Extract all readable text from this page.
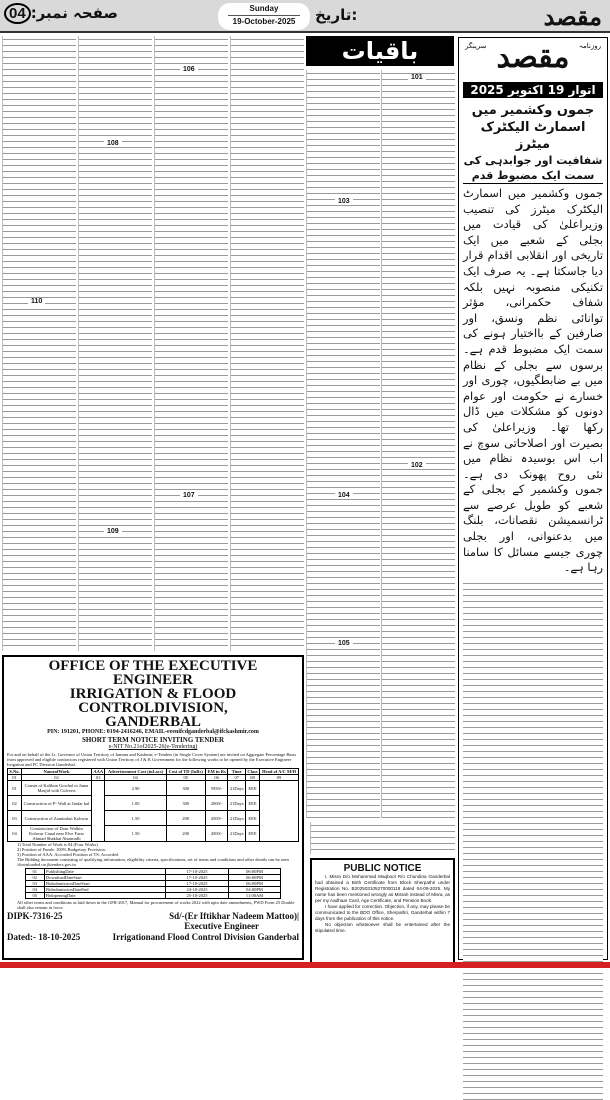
مقصد
تاریخ:
Sunday
19-October-2025
صفحہ نمبر:04
روزنامہ
سرینگر مقصد
اتوار 19 اکتوبر 2025
جموں وکشمیر میں اسمارٹ الیکٹرک میٹرز
شفافیت اور جوابدہی کی سمت ایک مضبوط قدم

جموں وکشمیر میں اسمارٹ الیکٹرک میٹرز کی تنصیب وزیراعلیٰ کی قیادت میں بجلی کے شعبے میں ایک تاریخی اور انقلابی اقدام قرار دیا جاسکتا ہے۔ یہ صرف ایک تکنیکی منصوبہ نہیں بلکہ شفاف حکمرانی، مؤثر توانائی نظم ونسق، اور صارفین کے بااختیار ہونے کی سمت ایک مضبوط قدم ہے۔ برسوں سے بجلی کے نظام میں بے ضابطگیوں، چوری اور خسارے نے حکومت اور عوام دونوں کو مشکلات میں ڈال رکھا تھا۔ وزیراعلیٰ کی بصیرت اور اصلاحاتی سوچ نے اب اس بوسیدہ نظام میں نئی روح پھونک دی ہے۔ جموں وکشمیر کے بجلی کے شعبے کو طویل عرصے سے ٹرانسمیشن نقصانات، بلنگ میں بدعنوانی، اور بجلی چوری جیسے مسائل کا سامنا رہا ہے۔

باقیات
101
102
103
104
105
106
107
108
109
110
OFFICE OF THE EXECUTIVE ENGINEER
IRRIGATION & FLOOD CONTROLDIVISION,
GANDERBAL
PIN: 191201, PHONE: 0194-2416246, EMAIL-eeenifcdganderbal@ifckashmir.com
SHORT TERM NOTICE INVITING TENDER
e-NIT No.21of2025-26(e-Tendering)
For and on behalf of the Lt. Governor of Union Territory of Jammu and Kashmir, e-Tenders (in Single Cover System) are invited on Aggregate Percentage Basis from approved and eligible contractors registered with Union Territory of J & K Government for the following works to be opened by the Executive Engineer Irrigation and FC Division Ganderbal.
S.No.	NameofWork	AAA	Advertisement Cost (inLacs)	Cost of TD (InRs)	EM in Rs	Time	Class	Head of A/C M/H
01	02	03	04	05	06	07	08	09
01	Constn of Kalibun Gowhal to Jama Masjid with Culverts		2.90	300	5950/-	21Days	EEE	
02	Construction of P- Wall at Jindar kal		1.00	300	2000/-	21Days	EEE	
03	Construction of Zamindari Kohwar		1.50	200	4500/-	21Days	EEE	
04	Construction of Dour Walkin Kohwar Canal near Elve Farar Ahmad Shakhat Aharmulli		1.50	200	4500/-	21Days	EEE	
1) Total Number of Work is 04 (Four Works)
2) Position of Funds: 100% Budgetary Provision.
3) Position of AAA: Accorded Position of TS: Accorded
The Bidding document consisting of qualifying information, eligibility criteria, specifications, set of terms and conditions and other details can be seen /downloaded on jktenders.gov.in
01	PublishingDate	17-10-2025	06:00PM
02	DownloadDateStart	17-10-2025	06:00PM
03	BidsubmissionDateStart	17-10-2025	06:00PM
04	BidsubmissionDateEnd	24-10-2025	04:00PM
05	BidopeningDate	25-10-2025	11:00AM
All other terms and conditions as laid down in the GFR-2017, Manual for procurement of works 2022 with upto date amendments, PWD Form 25 Double shall also remain in force.
DIPK-7316-25	Sd/-(Er Iftikhar Nadeem Mattoo)|
Executive Engineer
Dated:- 18-10-2025	Irrigationand Flood Control Division Ganderbal
PUBLIC NOTICE

I, Misra D/o Mohammad Maqbool R/o Chundina Ganderbal had obtained a Birth Certificate from Block Sherpathri under Registration No. B202503105270000118 dated 04-09-2025. My name has been mentioned wrongly as Misrah instead of Misra, as per my Aadhaar Card, Age Certificate, and Pension Book.

I have applied for correction. Objection, if any, may please be communicated to the BDO Office, Sherpathri, Ganderbal within 7 days from the publication of this notice.

No objection whatsoever shall be entertained after the stipulated time.
